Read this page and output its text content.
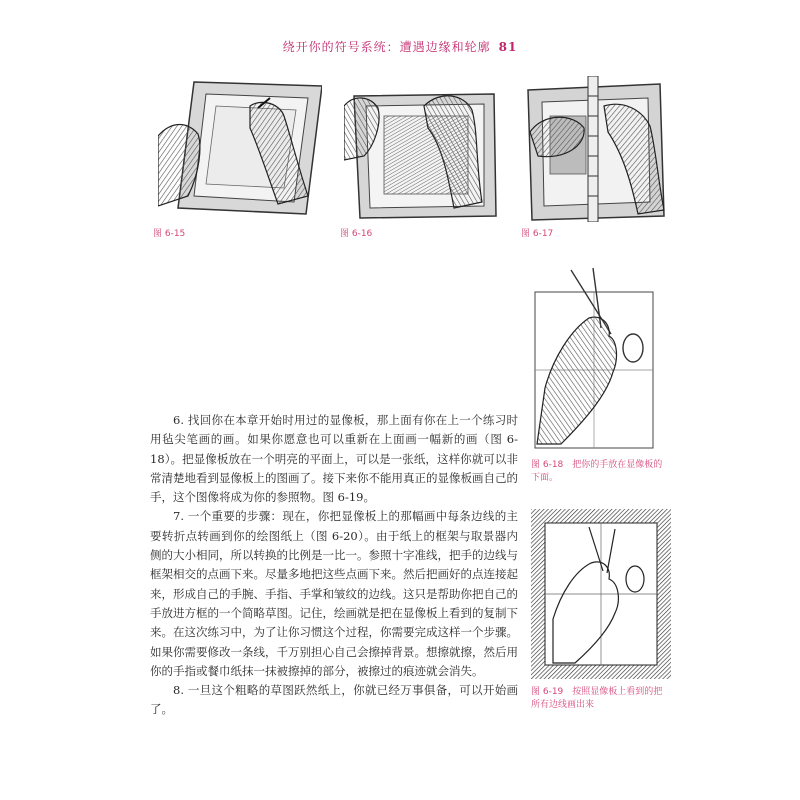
绕开你的符号系统：遭遇边缘和轮廓 81
图 6-15	图 6-16	图 6-17
图 6-18　把你的手放在显像板的下面。
图 6-19　按照显像板上看到的把所有边线画出来

6. 找回你在本章开始时用过的显像板，那上面有你在上一个练习时用毡尖笔画的画。如果你愿意也可以重新在上面画一幅新的画（图 6-18）。把显像板放在一个明亮的平面上，可以是一张纸，这样你就可以非常清楚地看到显像板上的图画了。接下来你不能用真正的显像板画自己的手，这个图像将成为你的参照物。图 6-19。

7. 一个重要的步骤：现在，你把显像板上的那幅画中每条边线的主要转折点转画到你的绘图纸上（图 6-20）。由于纸上的框架与取景器内侧的大小相同，所以转换的比例是一比一。参照十字准线，把手的边线与框架相交的点画下来。尽量多地把这些点画下来。然后把画好的点连接起来，形成自己的手腕、手指、手掌和皱纹的边线。这只是帮助你把自己的手放进方框的一个简略草图。记住，绘画就是把在显像板上看到的复制下来。在这次练习中，为了让你习惯这个过程，你需要完成这样一个步骤。如果你需要修改一条线，千万别担心自己会擦掉背景。想擦就擦，然后用你的手指或餐巾纸抹一抹被擦掉的部分，被擦过的痕迹就会消失。

8. 一旦这个粗略的草图跃然纸上，你就已经万事俱备，可以开始画了。
